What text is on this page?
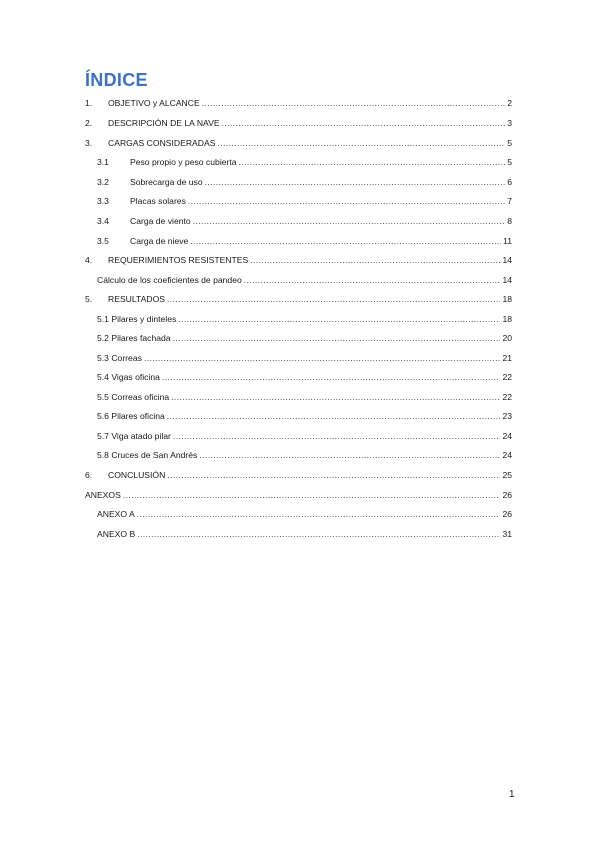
ÍNDICE
1. OBJETIVO y ALCANCE .....	2
2. DESCRIPCIÓN DE LA NAVE .....	3
3. CARGAS CONSIDERADAS .....	5
3.1 Peso propio y peso cubierta .....	5
3.2 Sobrecarga de uso .....	6
3.3 Placas solares .....	7
3.4 Carga de viento .....	8
3.5 Carga de nieve .....	11
4. REQUERIMIENTOS RESISTENTES .....	14
Cálculo de los coeficientes de pandeo .....	14
5. RESULTADOS .....	18
5.1 Pilares y dinteles .....	18
5.2 Pilares fachada .....	20
5.3 Correas .....	21
5.4 Vigas oficina .....	22
5.5 Correas oficina .....	22
5.6 Pilares oficina .....	23
5.7 Viga atado pilar .....	24
5.8 Cruces de San Andrés .....	24
6. CONCLUSIÓN .....	25
ANEXOS .....	26
ANEXO A .....	26
ANEXO B .....	31
1
